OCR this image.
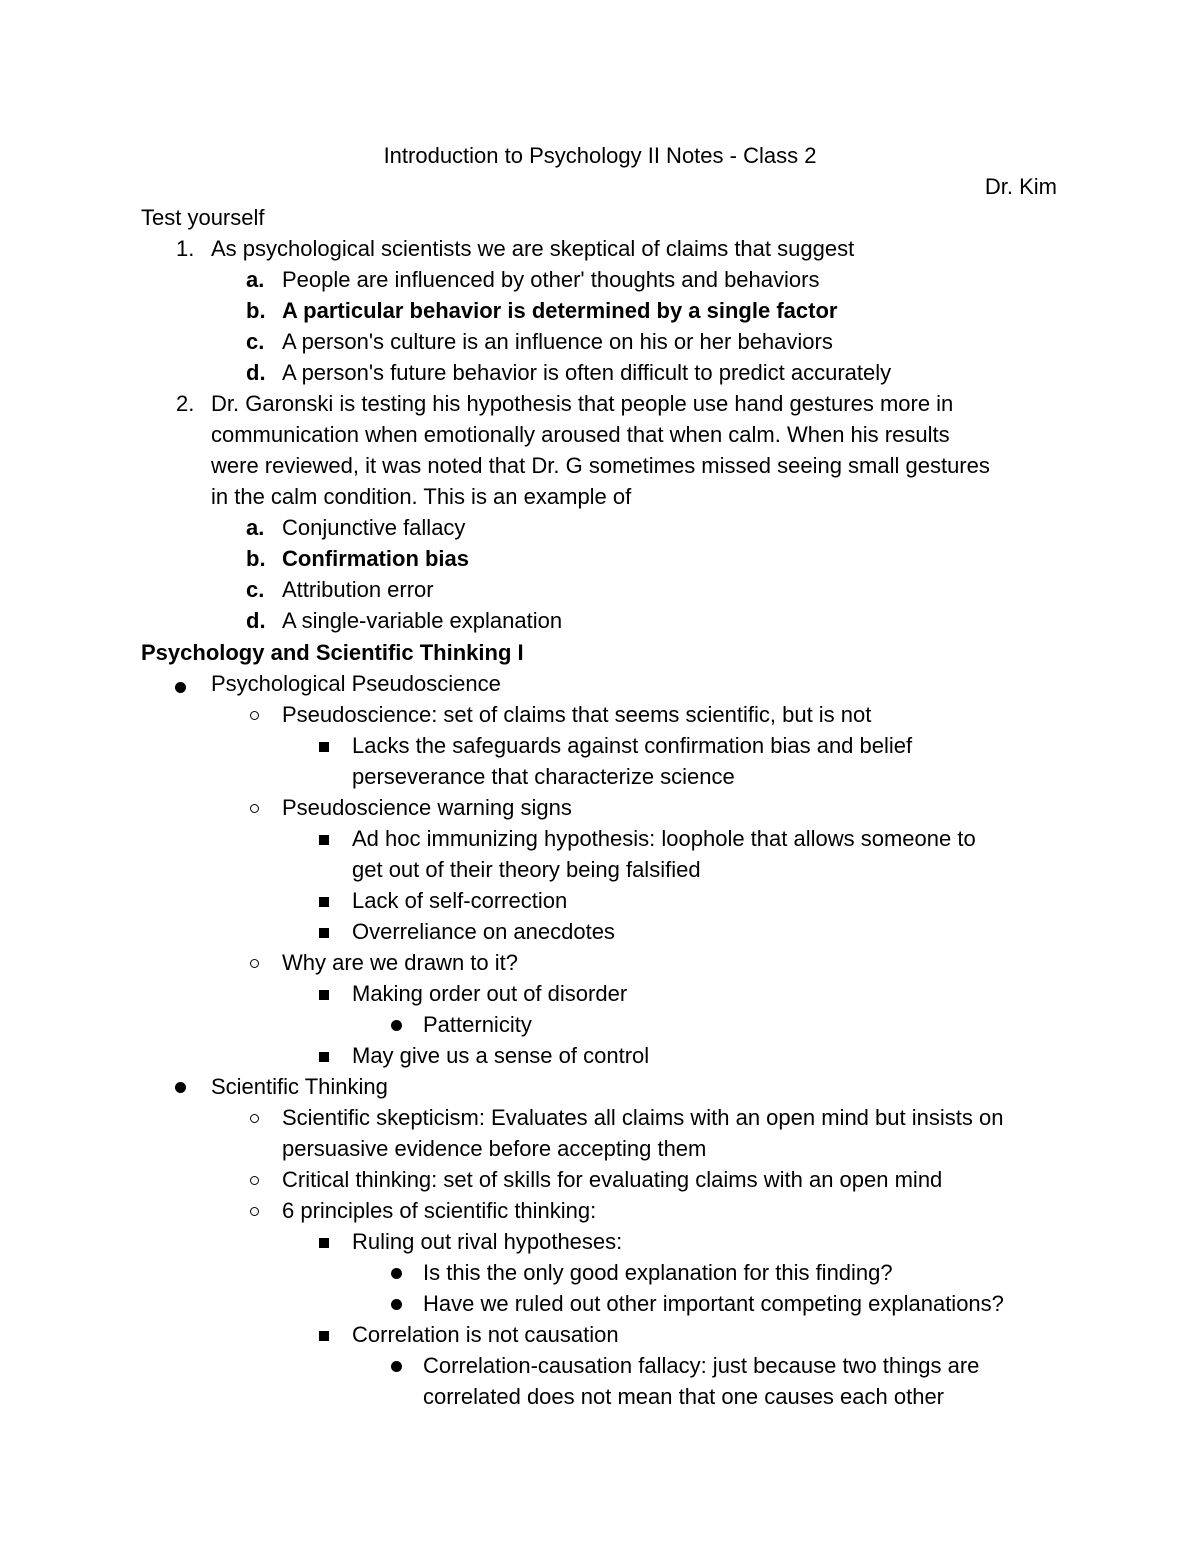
Introduction to Psychology II Notes - Class 2
Dr. Kim
Test yourself
1. As psychological scientists we are skeptical of claims that suggest
a. People are influenced by other' thoughts and behaviors
b. A particular behavior is determined by a single factor
c. A person's culture is an influence on his or her behaviors
d. A person's future behavior is often difficult to predict accurately
2. Dr. Garonski is testing his hypothesis that people use hand gestures more in
communication when emotionally aroused that when calm. When his results
were reviewed, it was noted that Dr. G sometimes missed seeing small gestures
in the calm condition. This is an example of
a. Conjunctive fallacy
b. Confirmation bias
c. Attribution error
d. A single-variable explanation
Psychology and Scientific Thinking I
Psychological Pseudoscience
Pseudoscience: set of claims that seems scientific, but is not
Lacks the safeguards against confirmation bias and belief
perseverance that characterize science
Pseudoscience warning signs
Ad hoc immunizing hypothesis: loophole that allows someone to
get out of their theory being falsified
Lack of self-correction
Overreliance on anecdotes
Why are we drawn to it?
Making order out of disorder
Patternicity
May give us a sense of control
Scientific Thinking
Scientific skepticism: Evaluates all claims with an open mind but insists on
persuasive evidence before accepting them
Critical thinking: set of skills for evaluating claims with an open mind
6 principles of scientific thinking:
Ruling out rival hypotheses:
Is this the only good explanation for this finding?
Have we ruled out other important competing explanations?
Correlation is not causation
Correlation-causation fallacy: just because two things are
correlated does not mean that one causes each other
